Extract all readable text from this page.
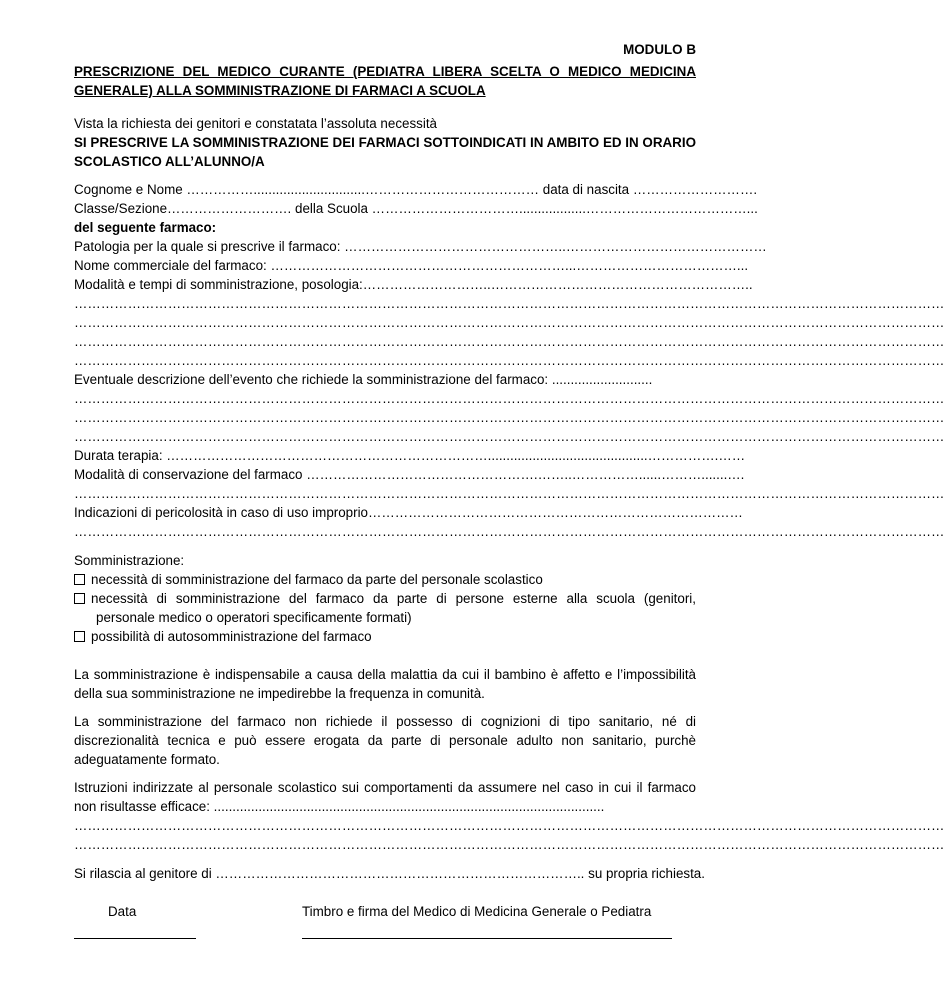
MODULO B
PRESCRIZIONE DEL MEDICO CURANTE (PEDIATRA LIBERA SCELTA O MEDICO MEDICINA GENERALE) ALLA SOMMINISTRAZIONE DI FARMACI A SCUOLA
Vista la richiesta dei genitori e constatata l’assoluta necessità
SI PRESCRIVE LA SOMMINISTRAZIONE DEI FARMACI SOTTOINDICATI IN AMBITO ED IN ORARIO SCOLASTICO ALL’ALUNNO/A
Cognome e Nome ……………..............................………………………………… data di nascita ……………………….
Classe/Sezione………………………. della Scuola ……………………………..................………………………………...
del seguente farmaco:
Patologia per la quale si prescrive il farmaco: …………………………………………..………………………………………
Nome commerciale del farmaco: …………………………………………………………...………………………………...
Modalità e tempi di somministrazione, posologia:………………………..…………………………………………………..
……………………………………………………………………………………………………………………………………………………………………………
……………………………………………………………………………………………………………………………………………………………………………
……………………………………………………………………………………………………………………………………………………………………………
……………………………………………………………………………………………………………………………………………………………………………
Eventuale descrizione dell’evento che richiede la somministrazione del farmaco: ...........................
……………………………………………………………………………………………………………………………………………………………………………
……………………………………………………………………………………………………………………………………………………………………………
……………………………………………………………………………………………………………………………………………………………………………
Durata terapia: ………………………………………………………………...........................................…………….……
Modalità di conservazione del farmaco …………………………………………….……..……………......……….......….
……………………………………………………………………………………………………………………………………………………………………………
Indicazioni di pericolosità in caso di uso improprio…………………………………………………………………………
……………………………………………………………………………………………………………………………………………………………………………
Somministrazione:
necessità di somministrazione del farmaco da parte del personale scolastico
necessità di somministrazione del farmaco da parte di persone esterne alla scuola (genitori, personale medico o operatori specificamente formati)
possibilità di autosomministrazione del farmaco
La somministrazione è indispensabile a causa della malattia da cui il bambino è affetto e l’impossibilità della sua somministrazione ne impedirebbe la frequenza in comunità.
La somministrazione del farmaco non richiede il possesso di cognizioni di tipo sanitario, né di discrezionalità tecnica e può essere erogata da parte di personale adulto non sanitario, purchè adeguatamente formato.
Istruzioni indirizzate al personale scolastico sui comportamenti da assumere nel caso in cui il farmaco non risultasse efficace: .........................................................................................................
……………………………………………………………………………………………………………………………………………………………………………
……………………………………………………………………………………………………………………………………………………………………………
Si rilascia al genitore di ……………………………………………………………………….. su propria richiesta.
Data	Timbro e firma del Medico di Medicina Generale o Pediatra
